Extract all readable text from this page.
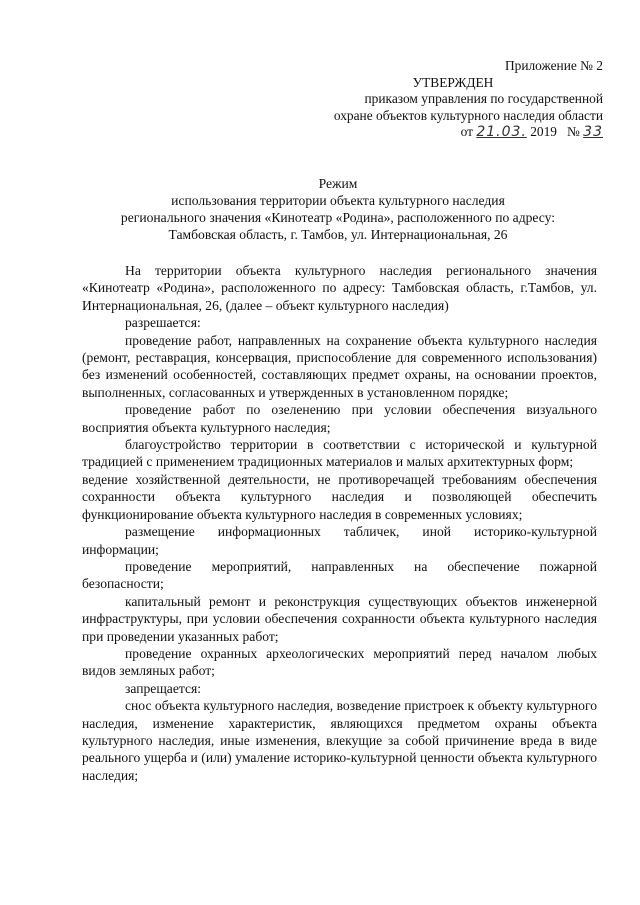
Приложение № 2
УТВЕРЖДЕН
приказом управления по государственной
охране объектов культурного наследия области
от 21.03. 2019 № 33
Режим
использования территории объекта культурного наследия
регионального значения «Кинотеатр «Родина», расположенного по адресу:
Тамбовская область, г. Тамбов, ул. Интернациональная, 26

На территории объекта культурного наследия регионального значения «Кинотеатр «Родина», расположенного по адресу: Тамбовская область, г.Тамбов, ул. Интернациональная, 26, (далее – объект культурного наследия)

разрешается:

проведение работ, направленных на сохранение объекта культурного наследия (ремонт, реставрация, консервация, приспособление для современного использования) без изменений особенностей, составляющих предмет охраны, на основании проектов, выполненных, согласованных и утвержденных в установленном порядке;

проведение работ по озеленению при условии обеспечения визуального восприятия объекта культурного наследия;

благоустройство территории в соответствии с исторической и культурной традицией с применением традиционных материалов и малых архитектурных форм;

ведение хозяйственной деятельности, не противоречащей требованиям обеспечения сохранности объекта культурного наследия и позволяющей обеспечить функционирование объекта культурного наследия в современных условиях;

размещение информационных табличек, иной историко-культурной информации;

проведение мероприятий, направленных на обеспечение пожарной безопасности;

капитальный ремонт и реконструкция существующих объектов инженерной инфраструктуры, при условии обеспечения сохранности объекта культурного наследия при проведении указанных работ;

проведение охранных археологических мероприятий перед началом любых видов земляных работ;

запрещается:

снос объекта культурного наследия, возведение пристроек к объекту культурного наследия, изменение характеристик, являющихся предметом охраны объекта культурного наследия, иные изменения, влекущие за собой причинение вреда в виде реального ущерба и (или) умаление историко-культурной ценности объекта культурного наследия;
